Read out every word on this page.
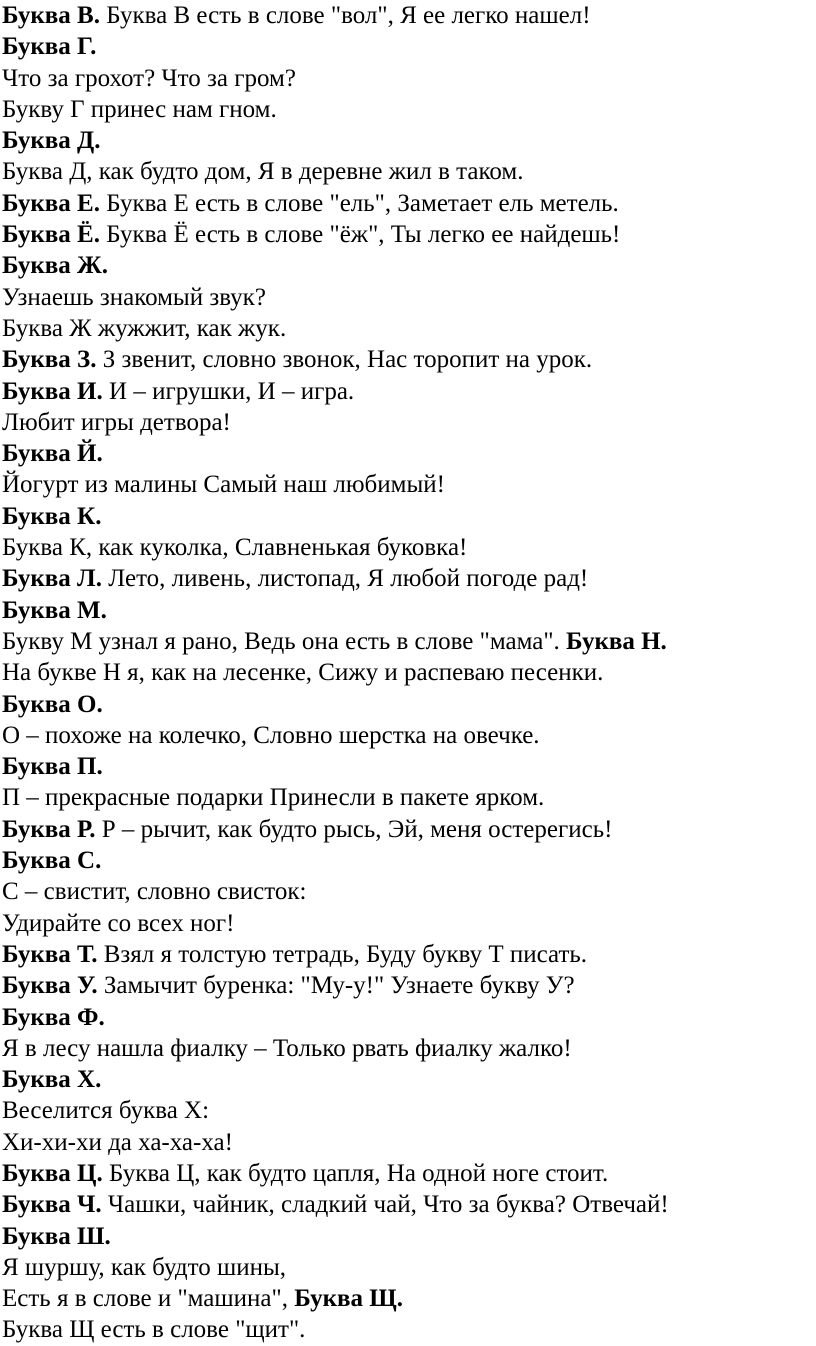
Буква В. Буква В есть в слове "вол", Я ее легко нашел!
Буква Г.
Что за грохот? Что за гром?
Букву Г принес нам гном.
Буква Д.
Буква Д, как будто дом, Я в деревне жил в таком.
Буква Е. Буква Е есть в слове "ель", Заметает ель метель.
Буква Ё. Буква Ё есть в слове "ёж", Ты легко ее найдешь!
Буква Ж.
Узнаешь знакомый звук?
Буква Ж жужжит, как жук.
Буква З. З звенит, словно звонок, Нас торопит на урок.
Буква И. И – игрушки, И – игра.
Любит игры детвора!
Буква Й.
Йогурт из малины Самый наш любимый!
Буква К.
Буква К, как куколка, Славненькая буковка!
Буква Л. Лето, ливень, листопад, Я любой погоде рад!
Буква М.
Букву М узнал я рано, Ведь она есть в слове "мама". Буква Н.
На букве Н я, как на лесенке, Сижу и распеваю песенки.
Буква О.
О – похоже на колечко, Словно шерстка на овечке.
Буква П.
П – прекрасные подарки Принесли в пакете ярком.
Буква Р. Р – рычит, как будто рысь, Эй, меня остерегись!
Буква С.
С – свистит, словно свисток:
Удирайте со всех ног!
Буква Т. Взял я толстую тетрадь, Буду букву Т писать.
Буква У. Замычит буренка: "Му-у!" Узнаете букву У?
Буква Ф.
Я в лесу нашла фиалку – Только рвать фиалку жалко!
Буква Х.
Веселится буква Х:
Хи-хи-хи да ха-ха-ха!
Буква Ц. Буква Ц, как будто цапля, На одной ноге стоит.
Буква Ч. Чашки, чайник, сладкий чай, Что за буква? Отвечай!
Буква Ш.
Я шуршу, как будто шины,
Есть я в слове и "машина", Буква Щ.
Буква Щ есть в слове "щит".
